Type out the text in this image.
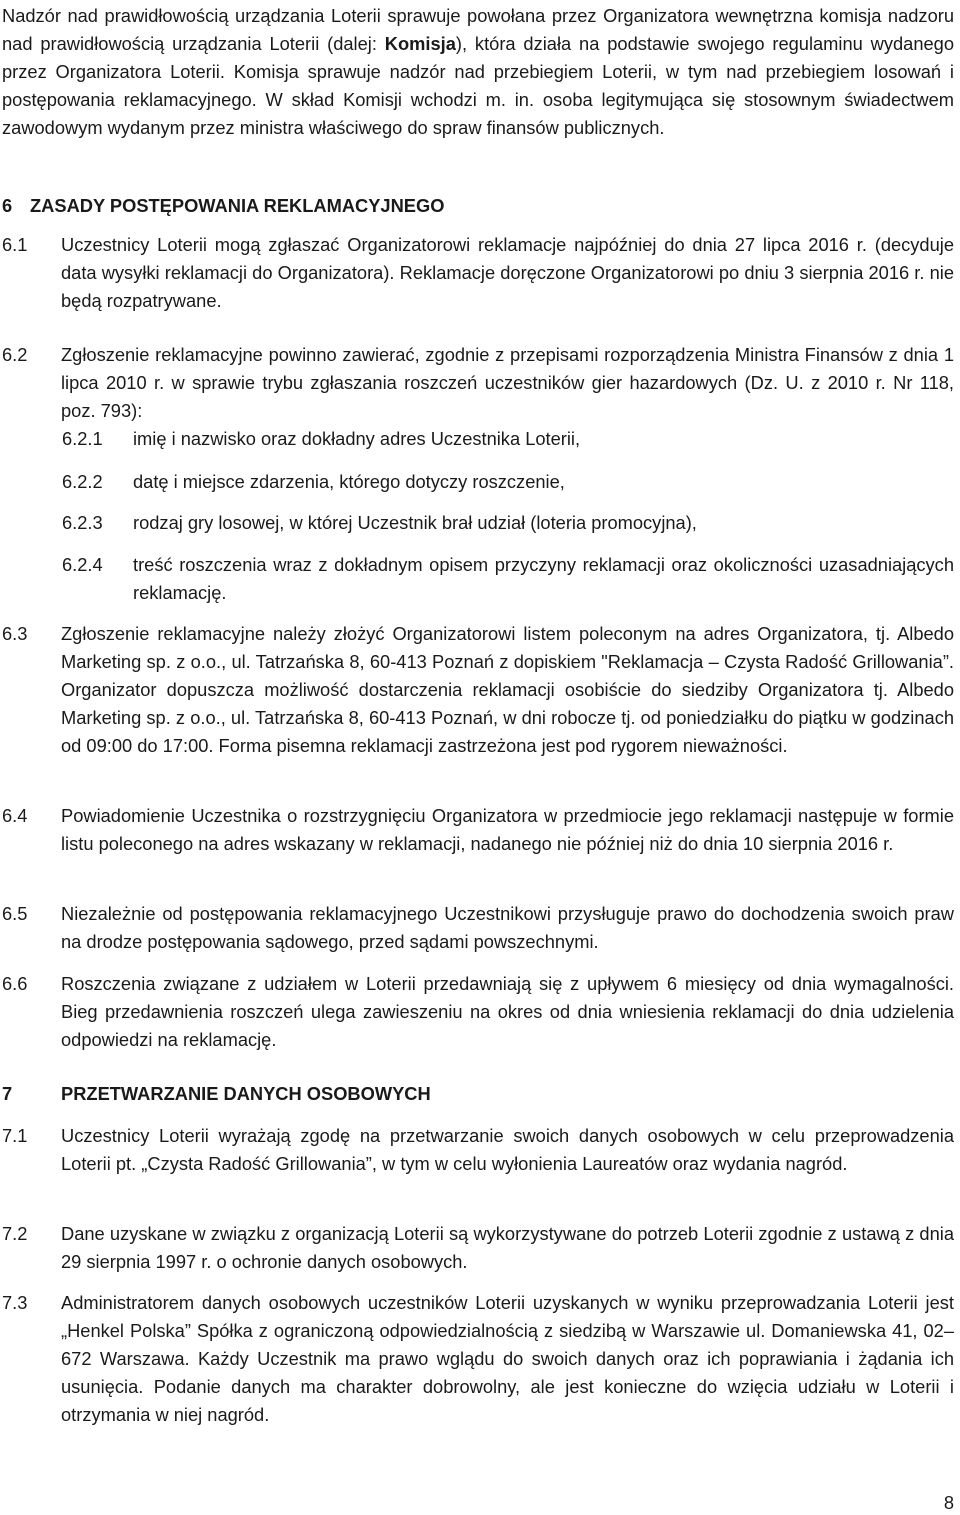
Nadzór nad prawidłowością urządzania Loterii sprawuje powołana przez Organizatora wewnętrzna komisja nadzoru nad prawidłowością urządzania Loterii (dalej: Komisja), która działa na podstawie swojego regulaminu wydanego przez Organizatora Loterii. Komisja sprawuje nadzór nad przebiegiem Loterii, w tym nad przebiegiem losowań i postępowania reklamacyjnego. W skład Komisji wchodzi m. in. osoba legitymująca się stosownym świadectwem zawodowym wydanym przez ministra właściwego do spraw finansów publicznych.

6 ZASADY POSTĘPOWANIA REKLAMACYJNEGO
6.1 Uczestnicy Loterii mogą zgłaszać Organizatorowi reklamacje najpóźniej do dnia 27 lipca 2016 r. (decyduje data wysyłki reklamacji do Organizatora). Reklamacje doręczone Organizatorowi po dniu 3 sierpnia 2016 r. nie będą rozpatrywane.

6.2 Zgłoszenie reklamacyjne powinno zawierać, zgodnie z przepisami rozporządzenia Ministra Finansów z dnia 1 lipca 2010 r. w sprawie trybu zgłaszania roszczeń uczestników gier hazardowych (Dz. U. z 2010 r. Nr 118, poz. 793):

6.2.1 imię i nazwisko oraz dokładny adres Uczestnika Loterii,

6.2.2 datę i miejsce zdarzenia, którego dotyczy roszczenie,

6.2.3 rodzaj gry losowej, w której Uczestnik brał udział (loteria promocyjna),

6.2.4 treść roszczenia wraz z dokładnym opisem przyczyny reklamacji oraz okoliczności uzasadniających reklamację.

6.3 Zgłoszenie reklamacyjne należy złożyć Organizatorowi listem poleconym na adres Organizatora, tj. Albedo Marketing sp. z o.o., ul. Tatrzańska 8, 60-413 Poznań z dopiskiem "Reklamacja – Czysta Radość Grillowania”. Organizator dopuszcza możliwość dostarczenia reklamacji osobiście do siedziby Organizatora tj. Albedo Marketing sp. z o.o., ul. Tatrzańska 8, 60-413 Poznań, w dni robocze tj. od poniedziałku do piątku w godzinach od 09:00 do 17:00. Forma pisemna reklamacji zastrzeżona jest pod rygorem nieważności.

6.4 Powiadomienie Uczestnika o rozstrzygnięciu Organizatora w przedmiocie jego reklamacji następuje w formie listu poleconego na adres wskazany w reklamacji, nadanego nie później niż do dnia 10 sierpnia 2016 r.

6.5 Niezależnie od postępowania reklamacyjnego Uczestnikowi przysługuje prawo do dochodzenia swoich praw na drodze postępowania sądowego, przed sądami powszechnymi.

6.6 Roszczenia związane z udziałem w Loterii przedawniają się z upływem 6 miesięcy od dnia wymagalności. Bieg przedawnienia roszczeń ulega zawieszeniu na okres od dnia wniesienia reklamacji do dnia udzielenia odpowiedzi na reklamację.

7	PRZETWARZANIE DANYCH OSOBOWYCH
7.1 Uczestnicy Loterii wyrażają zgodę na przetwarzanie swoich danych osobowych w celu przeprowadzenia Loterii pt. „Czysta Radość Grillowania”, w tym w celu wyłonienia Laureatów oraz wydania nagród.

7.2 Dane uzyskane w związku z organizacją Loterii są wykorzystywane do potrzeb Loterii zgodnie z ustawą z dnia 29 sierpnia 1997 r. o ochronie danych osobowych.

7.3 Administratorem danych osobowych uczestników Loterii uzyskanych w wyniku przeprowadzania Loterii jest „Henkel Polska” Spółka z ograniczoną odpowiedzialnością z siedzibą w Warszawie ul. Domaniewska 41, 02–672 Warszawa. Każdy Uczestnik ma prawo wglądu do swoich danych oraz ich poprawiania i żądania ich usunięcia. Podanie danych ma charakter dobrowolny, ale jest konieczne do wzięcia udziału w Loterii i otrzymania w niej nagród.

8
